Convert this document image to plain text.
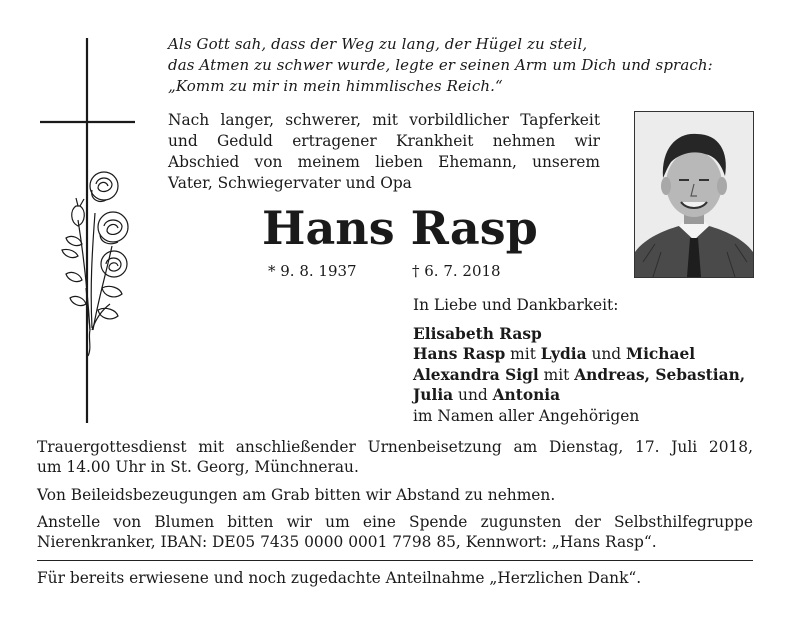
Als Gott sah, dass der Weg zu lang, der Hügel zu steil,
das Atmen zu schwer wurde, legte er seinen Arm um Dich und sprach:
„Komm zu mir in mein himmlisches Reich.“
Nach langer, schwerer, mit vorbildlicher Tapferkeit
und Geduld ertragener Krankheit nehmen wir
Abschied von meinem lieben Ehemann, unserem
Vater, Schwiegervater und Opa
Hans Rasp
* 9. 8. 1937	† 6. 7. 2018
In Liebe und Dankbarkeit:
Elisabeth Rasp
Hans Rasp mit Lydia und Michael
Alexandra Sigl mit Andreas, Sebastian,
Julia und Antonia
im Namen aller Angehörigen
Trauergottesdienst mit anschließender Urnenbeisetzung am Dienstag, 17. Juli 2018,
um 14.00 Uhr in St. Georg, Münchnerau.
Von Beileidsbezeugungen am Grab bitten wir Abstand zu nehmen.
Anstelle von Blumen bitten wir um eine Spende zugunsten der Selbsthilfegruppe
Nierenkranker, IBAN: DE05 7435 0000 0001 7798 85, Kennwort: „Hans Rasp“.
Für bereits erwiesene und noch zugedachte Anteilnahme „Herzlichen Dank“.
